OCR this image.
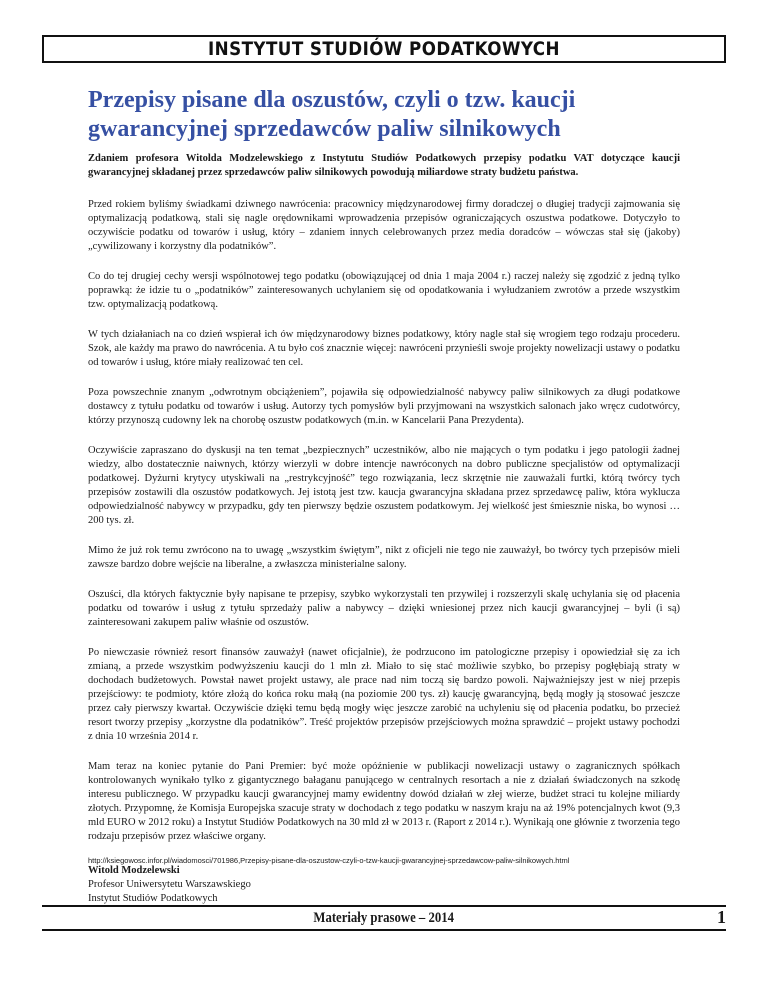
INSTYTUT STUDIÓW PODATKOWYCH
Przepisy pisane dla oszustów, czyli o tzw. kaucji gwarancyjnej sprzedawców paliw silnikowych

Zdaniem profesora Witolda Modzelewskiego z Instytutu Studiów Podatkowych przepisy podatku VAT dotyczące kaucji gwarancyjnej składanej przez sprzedawców paliw silnikowych powodują miliardowe straty budżetu państwa.

Przed rokiem byliśmy świadkami dziwnego nawrócenia: pracownicy międzynarodowej firmy doradczej o długiej tradycji zajmowania się optymalizacją podatkową, stali się nagle orędownikami wprowadzenia przepisów ograniczających oszustwa podatkowe. Dotyczyło to oczywiście podatku od towarów i usług, który – zdaniem innych celebrowanych przez media doradców – wówczas stał się (jakoby) „cywilizowany i korzystny dla podatników”.

Co do tej drugiej cechy wersji wspólnotowej tego podatku (obowiązującej od dnia 1 maja 2004 r.) raczej należy się zgodzić z jedną tylko poprawką: że idzie tu o „podatników” zainteresowanych uchylaniem się od opodatkowania i wyłudzaniem zwrotów a przede wszystkim tzw. optymalizacją podatkową.

W tych działaniach na co dzień wspierał ich ów międzynarodowy biznes podatkowy, który nagle stał się wrogiem tego rodzaju procederu. Szok, ale każdy ma prawo do nawrócenia. A tu było coś znacznie więcej: nawróceni przynieśli swoje projekty nowelizacji ustawy o podatku od towarów i usług, które miały realizować ten cel.

Poza powszechnie znanym „odwrotnym obciążeniem”, pojawiła się odpowiedzialność nabywcy paliw silnikowych za długi podatkowe dostawcy z tytułu podatku od towarów i usług. Autorzy tych pomysłów byli przyjmowani na wszystkich salonach jako wręcz cudotwórcy, którzy przynoszą cudowny lek na chorobę oszustw podatkowych (m.in. w Kancelarii Pana Prezydenta).

Oczywiście zapraszano do dyskusji na ten temat „bezpiecznych” uczestników, albo nie mających o tym podatku i jego patologii żadnej wiedzy, albo dostatecznie naiwnych, którzy wierzyli w dobre intencje nawróconych na dobro publiczne specjalistów od optymalizacji podatkowej. Dyżurni krytycy utyskiwali na „restrykcyjność” tego rozwiązania, lecz skrzętnie nie zauważali furtki, którą twórcy tych przepisów zostawili dla oszustów podatkowych. Jej istotą jest tzw. kaucja gwarancyjna składana przez sprzedawcę paliw, która wyklucza odpowiedzialność nabywcy w przypadku, gdy ten pierwszy będzie oszustem podatkowym. Jej wielkość jest śmiesznie niska, bo wynosi … 200 tys. zł.

Mimo że już rok temu zwrócono na to uwagę „wszystkim świętym”, nikt z oficjeli nie tego nie zauważył, bo twórcy tych przepisów mieli zawsze bardzo dobre wejście na liberalne, a zwłaszcza ministerialne salony.

Oszuści, dla których faktycznie były napisane te przepisy, szybko wykorzystali ten przywilej i rozszerzyli skalę uchylania się od płacenia podatku od towarów i usług z tytułu sprzedaży paliw a nabywcy – dzięki wniesionej przez nich kaucji gwarancyjnej – byli (i są) zainteresowani zakupem paliw właśnie od oszustów.

Po niewczasie również resort finansów zauważył (nawet oficjalnie), że podrzucono im patologiczne przepisy i opowiedział się za ich zmianą, a przede wszystkim podwyższeniu kaucji do 1 mln zł. Miało to się stać możliwie szybko, bo przepisy pogłębiają straty w dochodach budżetowych. Powstał nawet projekt ustawy, ale prace nad nim toczą się bardzo powoli. Najważniejszy jest w niej przepis przejściowy: te podmioty, które złożą do końca roku małą (na poziomie 200 tys. zł) kaucję gwarancyjną, będą mogły ją stosować jeszcze przez cały pierwszy kwartał. Oczywiście dzięki temu będą mogły więc jeszcze zarobić na uchyleniu się od płacenia podatku, bo przecież resort tworzy przepisy „korzystne dla podatników”. Treść projektów przepisów przejściowych można sprawdzić – projekt ustawy pochodzi z dnia 10 września 2014 r.

Mam teraz na koniec pytanie do Pani Premier: być może opóźnienie w publikacji nowelizacji ustawy o zagranicznych spółkach kontrolowanych wynikało tylko z gigantycznego bałaganu panującego w centralnych resortach a nie z działań świadczonych na szkodę interesu publicznego. W przypadku kaucji gwarancyjnej mamy ewidentny dowód działań w złej wierze, budżet straci tu kolejne miliardy złotych. Przypomnę, że Komisja Europejska szacuje straty w dochodach z tego podatku w naszym kraju na aż 19% potencjalnych kwot (9,3 mld EURO w 2012 roku) a Instytut Studiów Podatkowych na 30 mld zł w 2013 r. (Raport z 2014 r.). Wynikają one głównie z tworzenia tego rodzaju przepisów przez właściwe organy.

Witold Modzelewski
Profesor Uniwersytetu Warszawskiego
Instytut Studiów Podatkowych
http://ksiegowosc.infor.pl/wiadomosci/701986,Przepisy-pisane-dla-oszustow-czyli-o-tzw-kaucji-gwarancyjnej-sprzedawcow-paliw-silnikowych.html
Materiały prasowe – 2014	1
